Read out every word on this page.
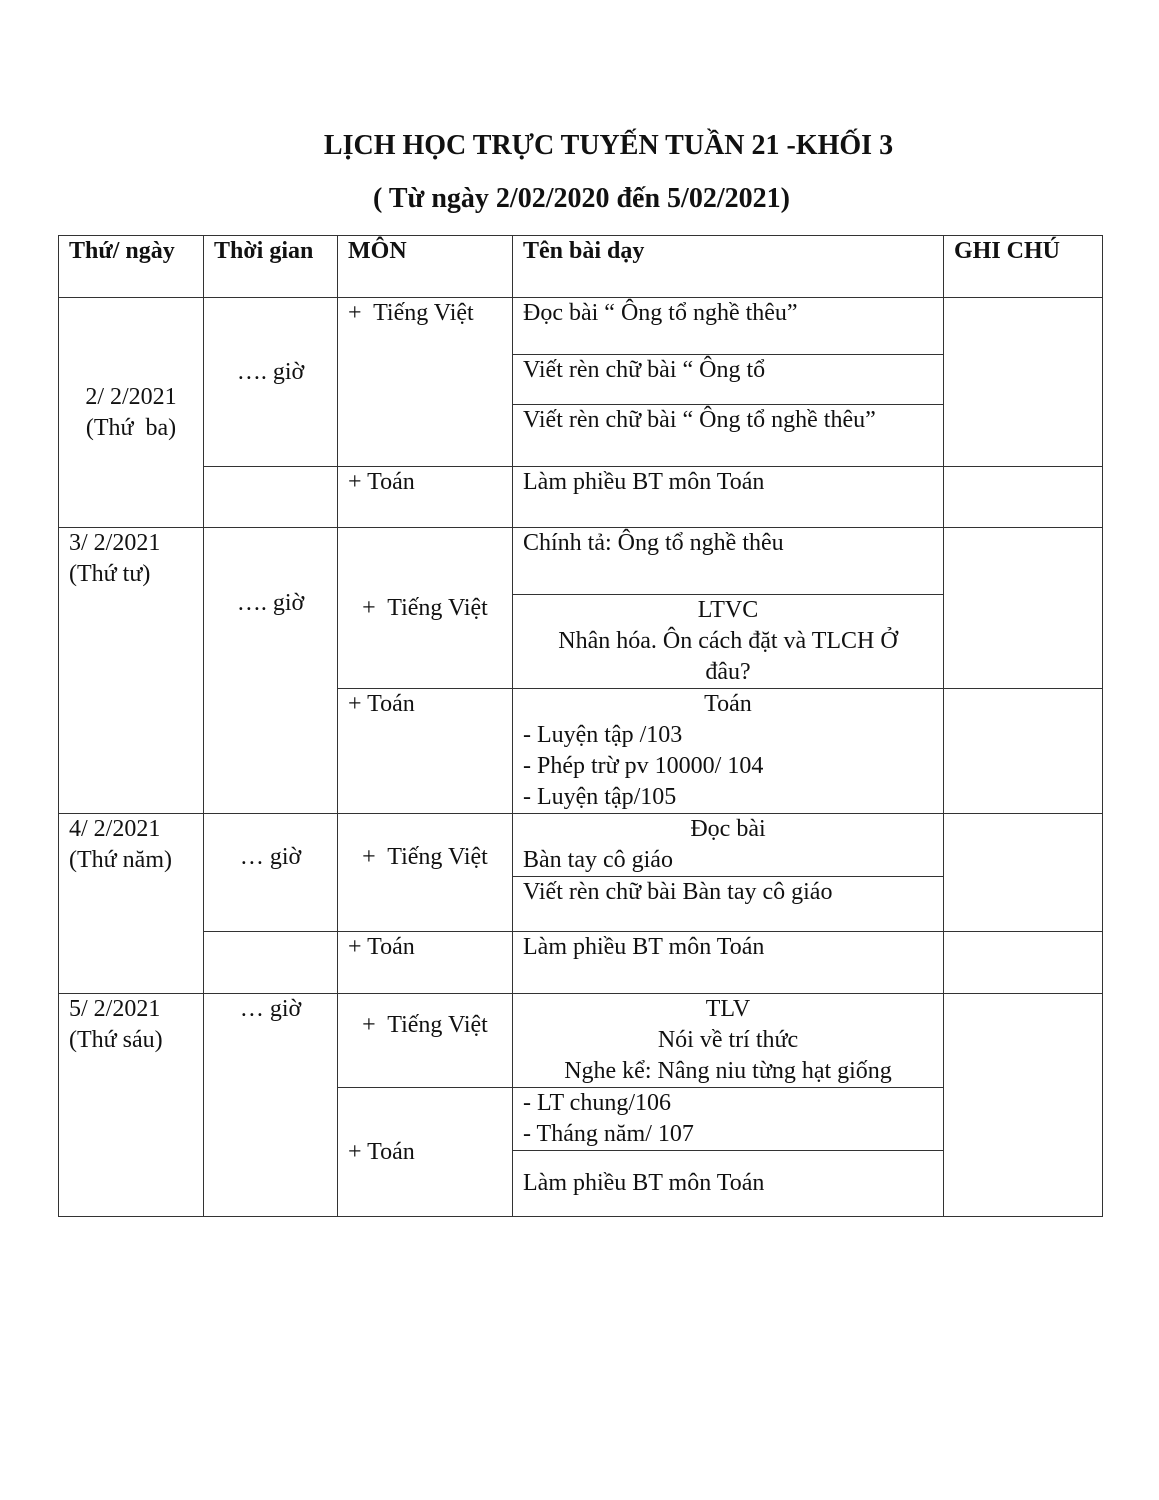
LỊCH HỌC TRỰC TUYẾN TUẦN 21 -KHỐI 3
( Từ ngày 2/02/2020 đến 5/02/2021)
Thứ/ ngày	Thời gian	MÔN	Tên bài dạy	GHI CHÚ

2/ 2/2021
(Thứ  ba)	…. giờ	+  Tiếng Việt	Đọc bài “ Ông tổ nghề thêu”	
			Viết rèn chữ bài “ Ông tổ	
			Viết rèn chữ bài “ Ông tổ nghề thêu”	
		+ Toán	Làm phiều BT môn Toán	

3/ 2/2021
(Thứ tư)	…. giờ	+  Tiếng Việt	Chính tả: Ông tổ nghề thêu	

			LTVC
Nhân hóa. Ôn cách đặt và TLCH Ở
đâu?	

		+ Toán	Toán
- Luyện tập /103
- Phép trừ pv 10000/ 104
- Luyện tập/105	

4/ 2/2021
(Thứ năm)	… giờ	+  Tiếng Việt	Đọc bài
Bàn tay cô giáo	

			Viết rèn chữ bài Bàn tay cô giáo	
		+ Toán	Làm phiều BT môn Toán	

5/ 2/2021
(Thứ sáu)	… giờ	+  Tiếng Việt	TLV
Nói về trí thức
Nghe kể: Nâng niu từng hạt giống	

		+ Toán	- LT chung/106
- Tháng năm/ 107	

			Làm phiều BT môn Toán	
